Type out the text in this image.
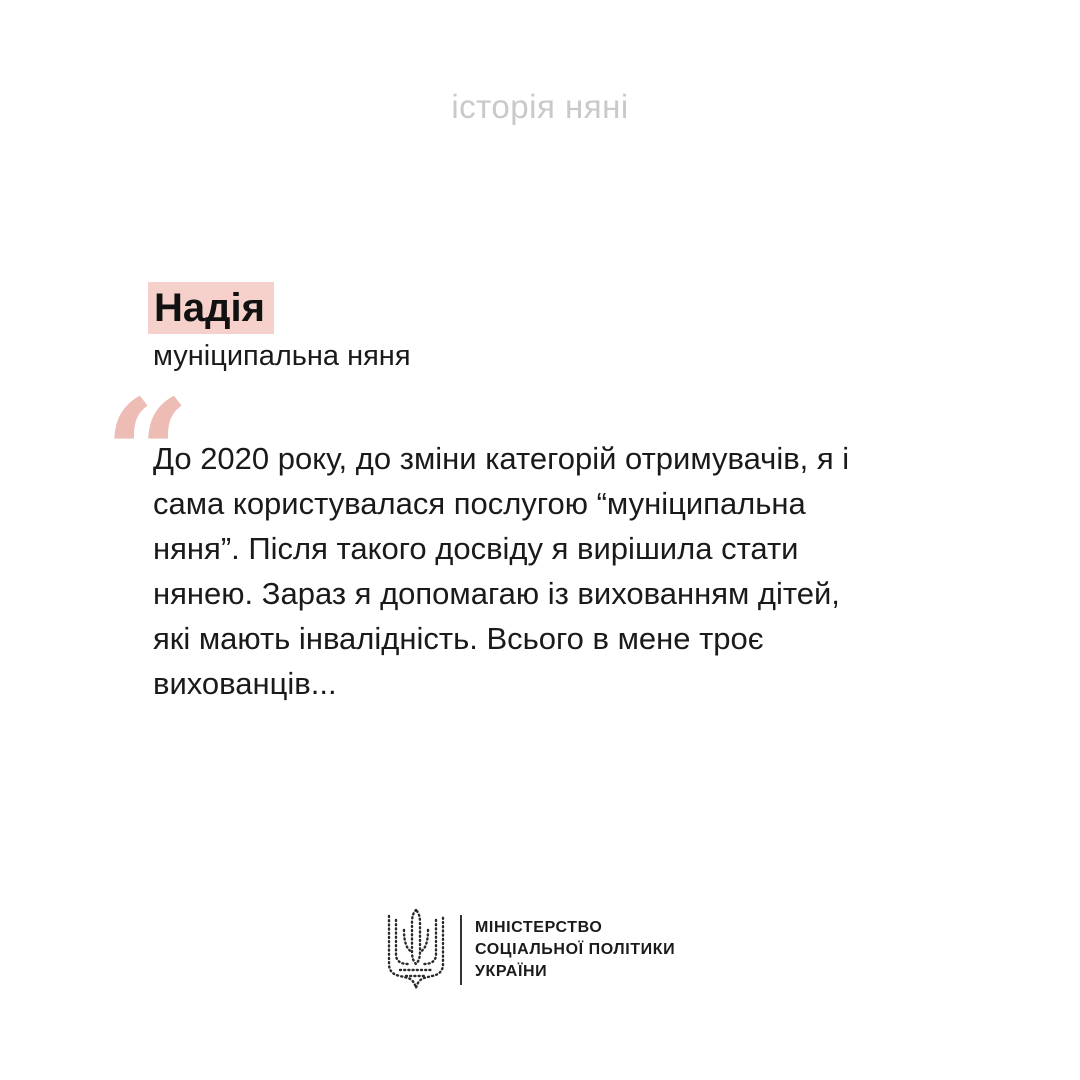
історія няні
Надія
муніципальна няня
“
До 2020 року, до зміни категорій отримувачів, я і
сама користувалася послугою “муніципальна
няня”. Після такого досвіду я вирішила стати
нянею. Зараз я допомагаю із вихованням дітей,
які мають інвалідність. Всього в мене троє
вихованців...
МІНІСТЕРСТВО
СОЦІАЛЬНОЇ ПОЛІТИКИ
УКРАЇНИ
